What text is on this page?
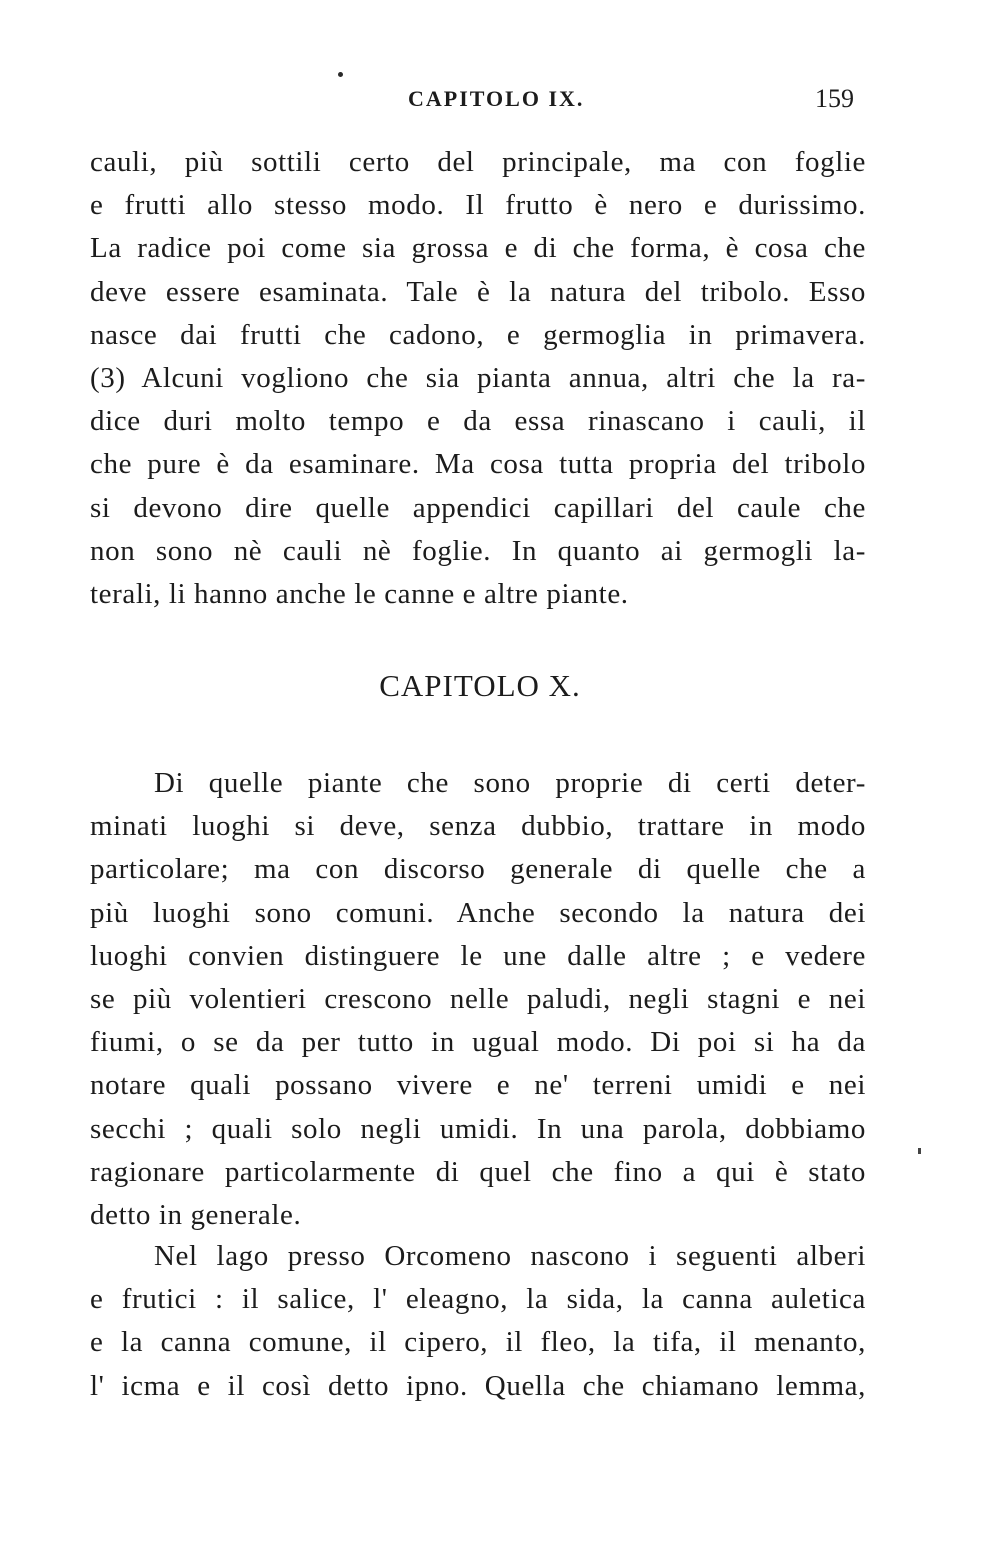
CAPITOLO IX.	159
cauli, più sottili certo del principale, ma con foglie
e frutti allo stesso modo. Il frutto è nero e durissimo.
La radice poi come sia grossa e di che forma, è cosa che
deve essere esaminata. Tale è la natura del tribolo. Esso
nasce dai frutti che cadono, e germoglia in primavera.
(3) Alcuni vogliono che sia pianta annua, altri che la ra-
dice duri molto tempo e da essa rinascano i cauli, il
che pure è da esaminare. Ma cosa tutta propria del tribolo
si devono dire quelle appendici capillari del caule che
non sono nè cauli nè foglie. In quanto ai germogli la-
terali, li hanno anche le canne e altre piante.
CAPITOLO X.
Di quelle piante che sono proprie di certi deter-
minati luoghi si deve, senza dubbio, trattare in modo
particolare; ma con discorso generale di quelle che a
più luoghi sono comuni. Anche secondo la natura dei
luoghi convien distinguere le une dalle altre ; e vedere
se più volentieri crescono nelle paludi, negli stagni e nei
fiumi, o se da per tutto in ugual modo. Di poi si ha da
notare quali possano vivere e ne' terreni umidi e nei
secchi ; quali solo negli umidi. In una parola, dobbiamo
ragionare particolarmente di quel che fino a qui è stato
detto in generale.
Nel lago presso Orcomeno nascono i seguenti alberi
e frutici : il salice, l' eleagno, la sida, la canna auletica
e la canna comune, il cipero, il fleo, la tifa, il menanto,
l' icma e il così detto ipno. Quella che chiamano lemma,
